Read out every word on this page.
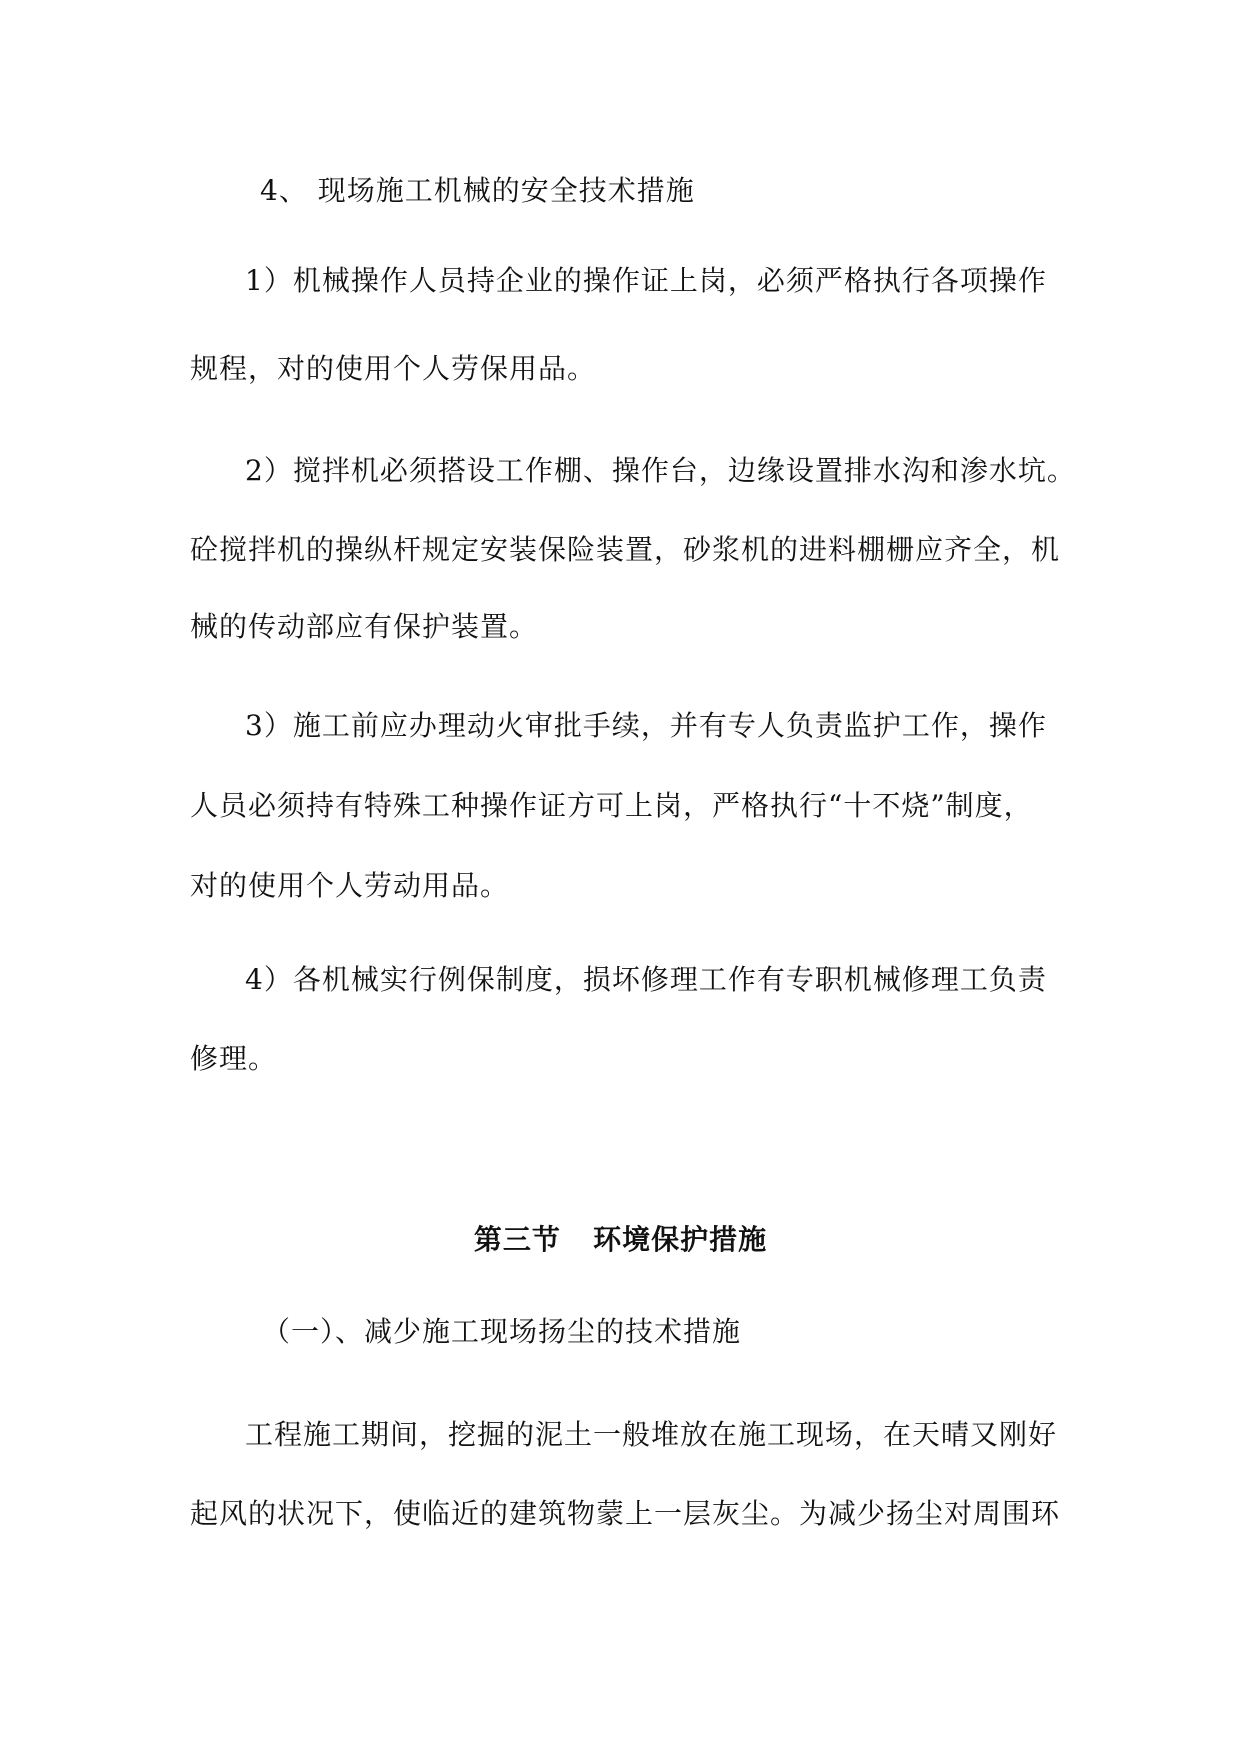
4、 现场施工机械的安全技术措施
1）机械操作人员持企业的操作证上岗，必须严格执行各项操作
规程，对的使用个人劳保用品。
2）搅拌机必须搭设工作棚、操作台，边缘设置排水沟和渗水坑。
砼搅拌机的操纵杆规定安装保险装置，砂浆机的进料棚栅应齐全，机
械的传动部应有保护装置。
3）施工前应办理动火审批手续，并有专人负责监护工作，操作
人员必须持有特殊工种操作证方可上岗，严格执行“十不烧”制度，
对的使用个人劳动用品。
4）各机械实行例保制度，损坏修理工作有专职机械修理工负责
修理。
第三节   环境保护措施
（一）、减少施工现场扬尘的技术措施
工程施工期间，挖掘的泥土一般堆放在施工现场，在天晴又刚好
起风的状况下，使临近的建筑物蒙上一层灰尘。为减少扬尘对周围环
